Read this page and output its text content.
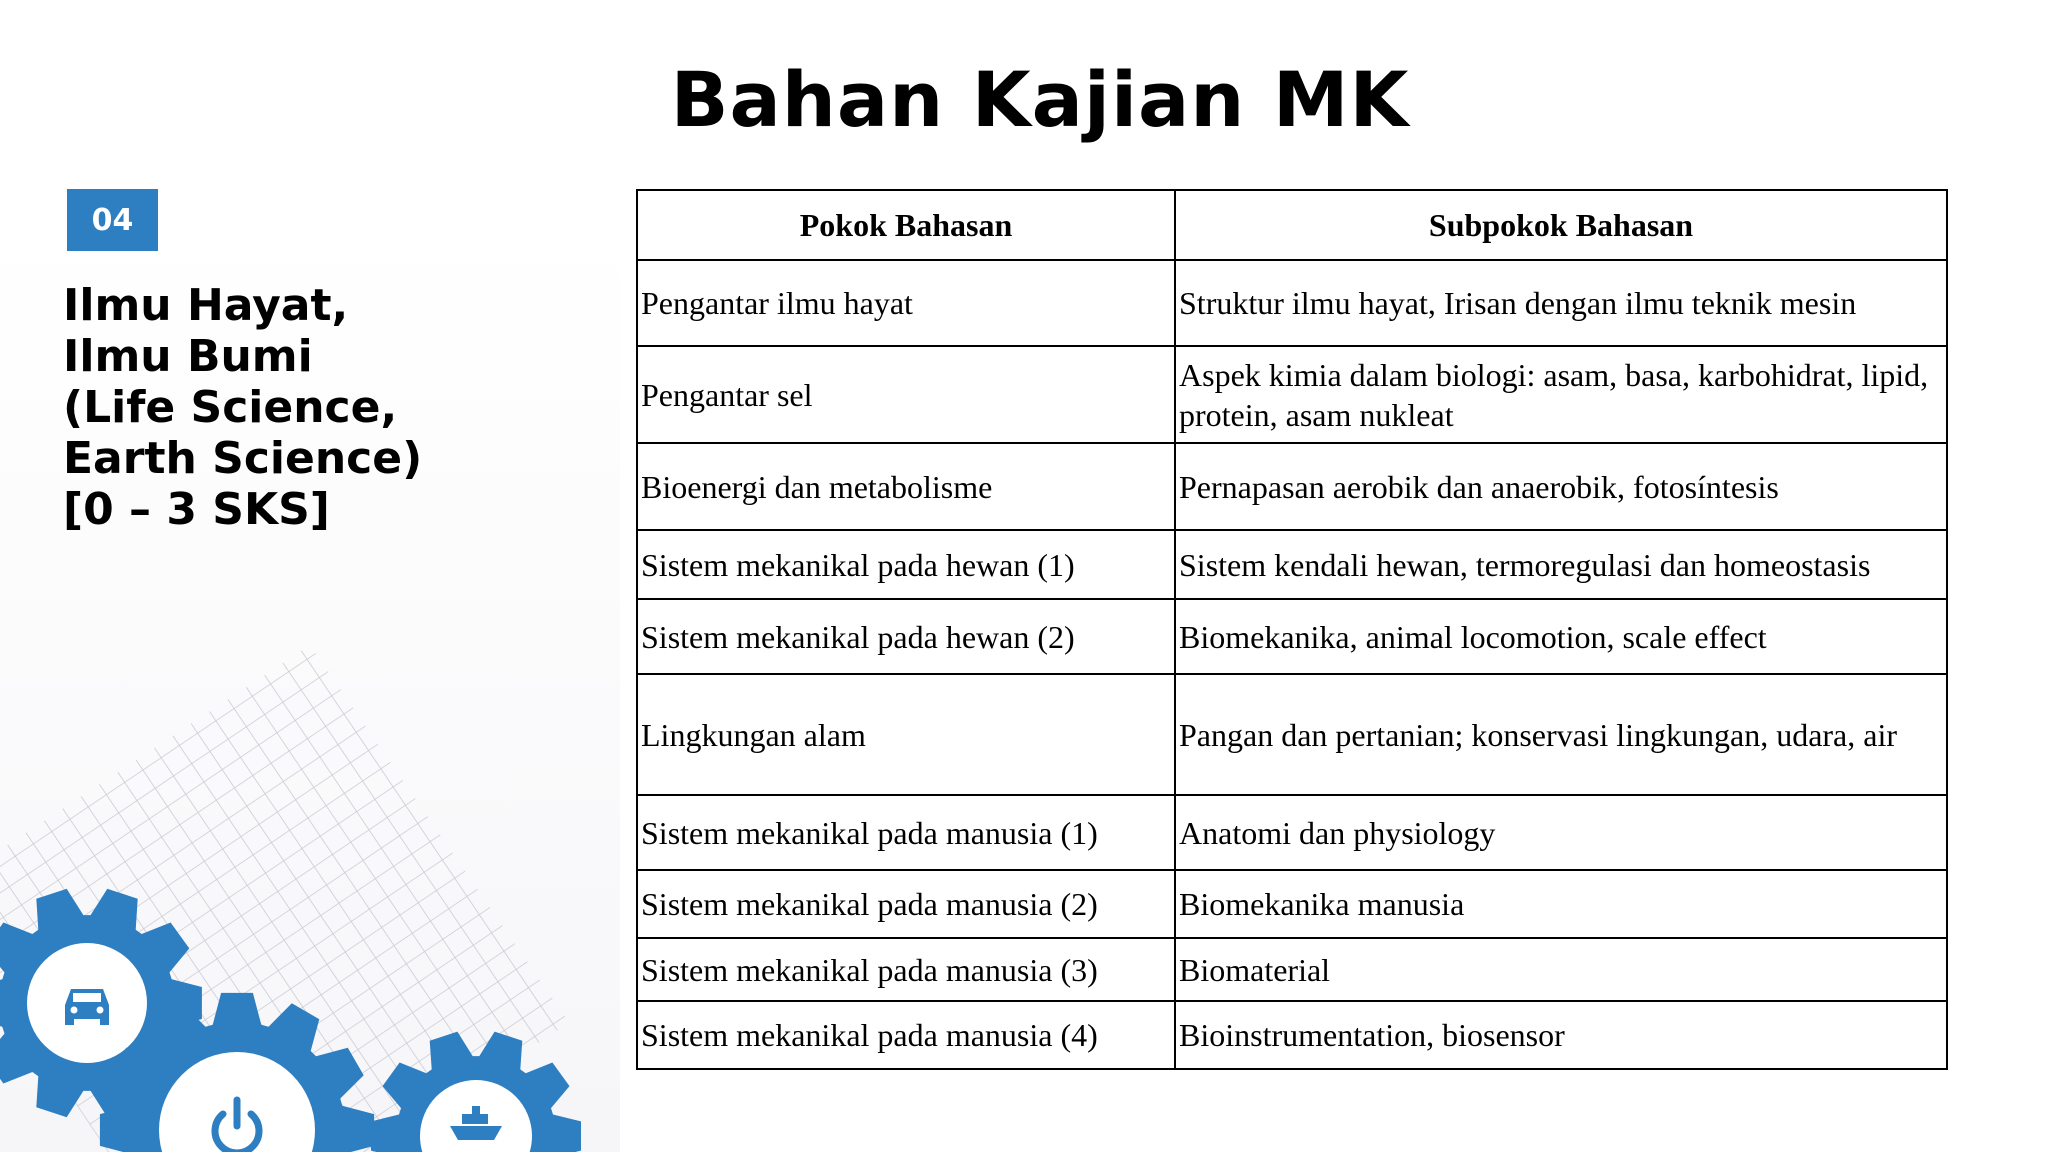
Bahan Kajian MK
04
Ilmu Hayat,
Ilmu Bumi
(Life Science,
Earth Science)
[0 – 3 SKS]
Pokok Bahasan	Subpokok Bahasan
Pengantar ilmu hayat	Struktur ilmu hayat, Irisan dengan ilmu teknik mesin
Pengantar sel	Aspek kimia dalam biologi: asam, basa, karbohidrat, lipid, protein, asam nukleat
Bioenergi dan metabolisme	Pernapasan aerobik dan anaerobik, fotosíntesis
Sistem mekanikal pada hewan (1)	Sistem kendali hewan, termoregulasi dan homeostasis
Sistem mekanikal pada hewan (2)	Biomekanika, animal locomotion, scale effect
Lingkungan alam	Pangan dan pertanian; konservasi lingkungan, udara, air
Sistem mekanikal pada manusia (1)	Anatomi dan physiology
Sistem mekanikal pada manusia (2)	Biomekanika manusia
Sistem mekanikal pada manusia (3)	Biomaterial
Sistem mekanikal pada manusia (4)	Bioinstrumentation, biosensor
